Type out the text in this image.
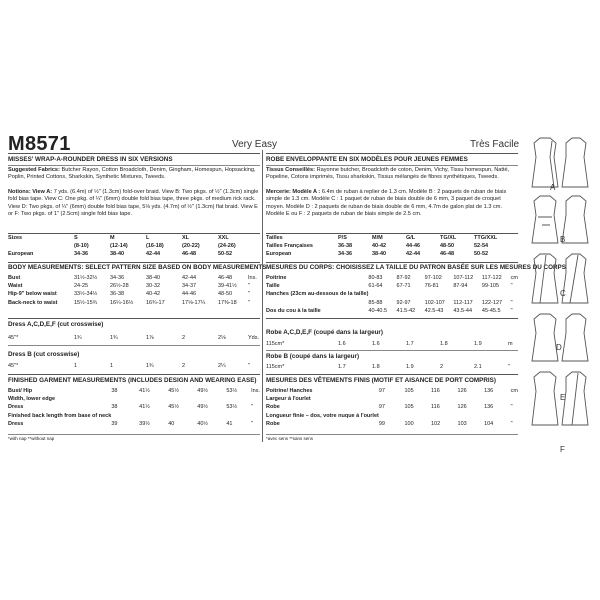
M8571	Very Easy
MISSES' WRAP-A-ROUNDER DRESS IN SIX VERSIONS
Suggested Fabrics: Butcher Rayon, Cotton Broadcloth, Denim, Gingham, Homespun, Hopsacking, Poplin, Printed Cottons, Sharkskin, Synthetic Mixtures, Tweeds.
Notions: View A: 7 yds. (6.4m) of ½" (1.3cm) fold-over braid. View B: Two pkgs. of ½" (1.3cm) single fold bias tape. View C: One pkg. of ¼" (6mm) double fold bias tape, three pkgs. of medium rick rack. View D: Two pkgs. of ¼" (6mm) double fold bias tape, 5⅛ yds. (4.7m) of ½" (1.3cm) flat braid. View E or F: Two pkgs. of 1" (2.5cm) single fold bias tape.
Sizes	S	M	L	XL	XXL	
	(8-10)	(12-14)	(16-18)	(20-22)	(24-26)	
European	34-36	38-40	42-44	46-48	50-52	
BODY MEASUREMENTS: SELECT PATTERN SIZE BASED ON BODY MEASUREMENTS
Bust	31½-32½	34-36	38-40	42-44	46-48	Ins.
Waist	24-25	26½-28	30-32	34-37	39-41½	"
Hip-9" below waist	33½-34½	36-38	40-42	44-46	48-50	"
Back-neck to waist	15½-15¾	16¼-16½	16¾-17	17⅛-17¼	17⅜-18	"
Dress A,C,D,E,F (cut crosswise)
45"*	1¾	1¾	1⅞	2	2⅛	Yds.
Dress B (cut crosswise)
45"*	1	1	1¾	2	2¼	"
FINISHED GARMENT MEASUREMENTS (INCLUDES DESIGN AND WEARING EASE)
Bust/ Hip	38	41½	45½	49½	53½	Ins.
Width, lower edge						
Dress	38	41½	45½	49½	53½	"
Finished back length from base of neck						
Dress	39	39½	40	40½	41	"
*with nap **without nap
Très Facile
ROBE ENVELOPPANTE EN SIX MODÈLES POUR JEUNES FEMMES
Tissus Conseillés: Rayonne butcher, Broadcloth de coton, Denim, Vichy, Tissu homespun, Natté, Popeline, Cotons imprimés, Tissu sharkskin, Tissus mélangés de fibres synthétiques, Tweeds.
Mercerie: Modèle A : 6.4m de ruban à replier de 1.3 cm. Modèle B : 2 paquets de ruban de biais simple de 1.3 cm. Modèle C : 1 paquet de ruban de biais double de 6 mm, 3 paquet de croquet moyen. Modèle D : 2 paquets de ruban de biais double de 6 mm, 4.7m de galon plat de 1.3 cm. Modèle E ou F : 2 paquets de ruban de biais simple de 2.5 cm.
Tailles	P/S	M/M	G/L	TG/XL	TTG/XXL	
Tailles Françaises	36-38	40-42	44-46	48-50	52-54	
European	34-36	38-40	42-44	46-48	50-52	
MESURES DU CORPS: CHOISISSEZ LA TAILLE DU PATRON BASÉE SUR LES MESURES DU CORPS
Poitrine	80-83	87-92	97-102	107-112	117-122	cm
Taille	61-64	67-71	76-81	87-94	99-105	"
Hanches (23cm au-dessous de la taille)						
	85-88	92-97	102-107	112-117	122-127	"
Dos du cou à la taille	40-40.5	41.5-42	42.5-43	43.5-44	45-45.5	"
Robe A,C,D,E,F (coupé dans la largeur)
115cm*	1.6	1.6	1.7	1.8	1.9	m
Robe B (coupé dans la largeur)
115cm*	1.7	1.8	1.9	2	2.1	"
MESURES DES VÊTEMENTS FINIS (MOTIF ET AISANCE DE PORT COMPRIS)
Poitrine/ Hanches	97	105	116	126	136	cm
Largeur à l'ourlet						
Robe	97	105	116	126	136	"
Longueur finie – dos, votre nuque à l'ourlet						
Robe	99	100	102	103	104	"
*avec sens **sans sens
A
B
C
D
E
F
